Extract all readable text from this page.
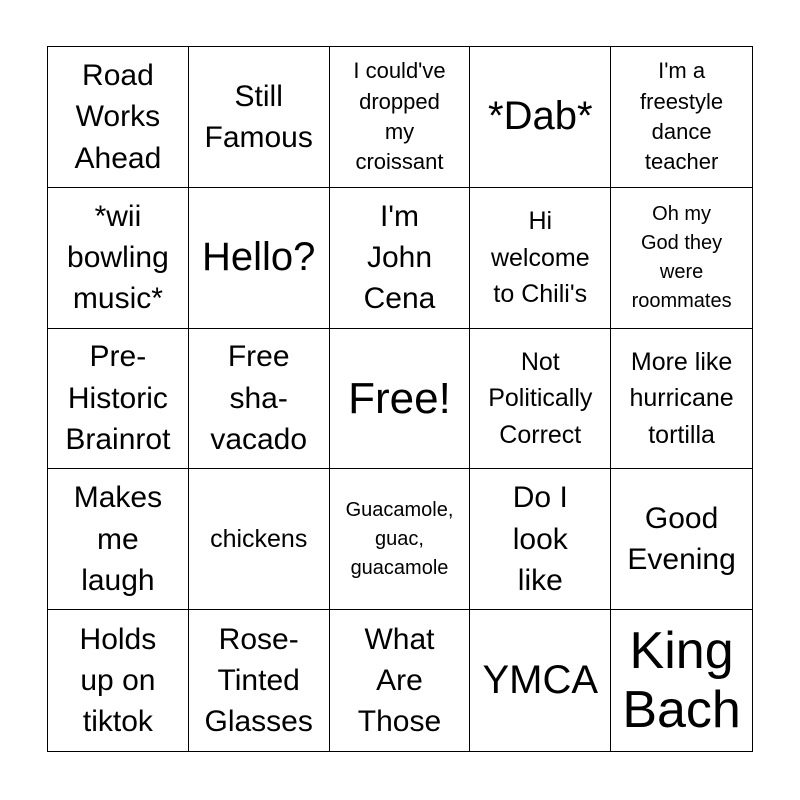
Road
Works
Ahead
Still
Famous
I could've
dropped
my
croissant
*Dab*
I'm a
freestyle
dance
teacher
*wii
bowling
music*
Hello?
I'm
John
Cena
Hi
welcome
to Chili's
Oh my
God they
were
roommates
Pre-
Historic
Brainrot
Free
sha-
vacado
Free!
Not
Politically
Correct
More like
hurricane
tortilla
Makes
me
laugh
chickens
Guacamole,
guac,
guacamole
Do I
look
like
Good
Evening
Holds
up on
tiktok
Rose-
Tinted
Glasses
What
Are
Those
YMCA King
Bach
